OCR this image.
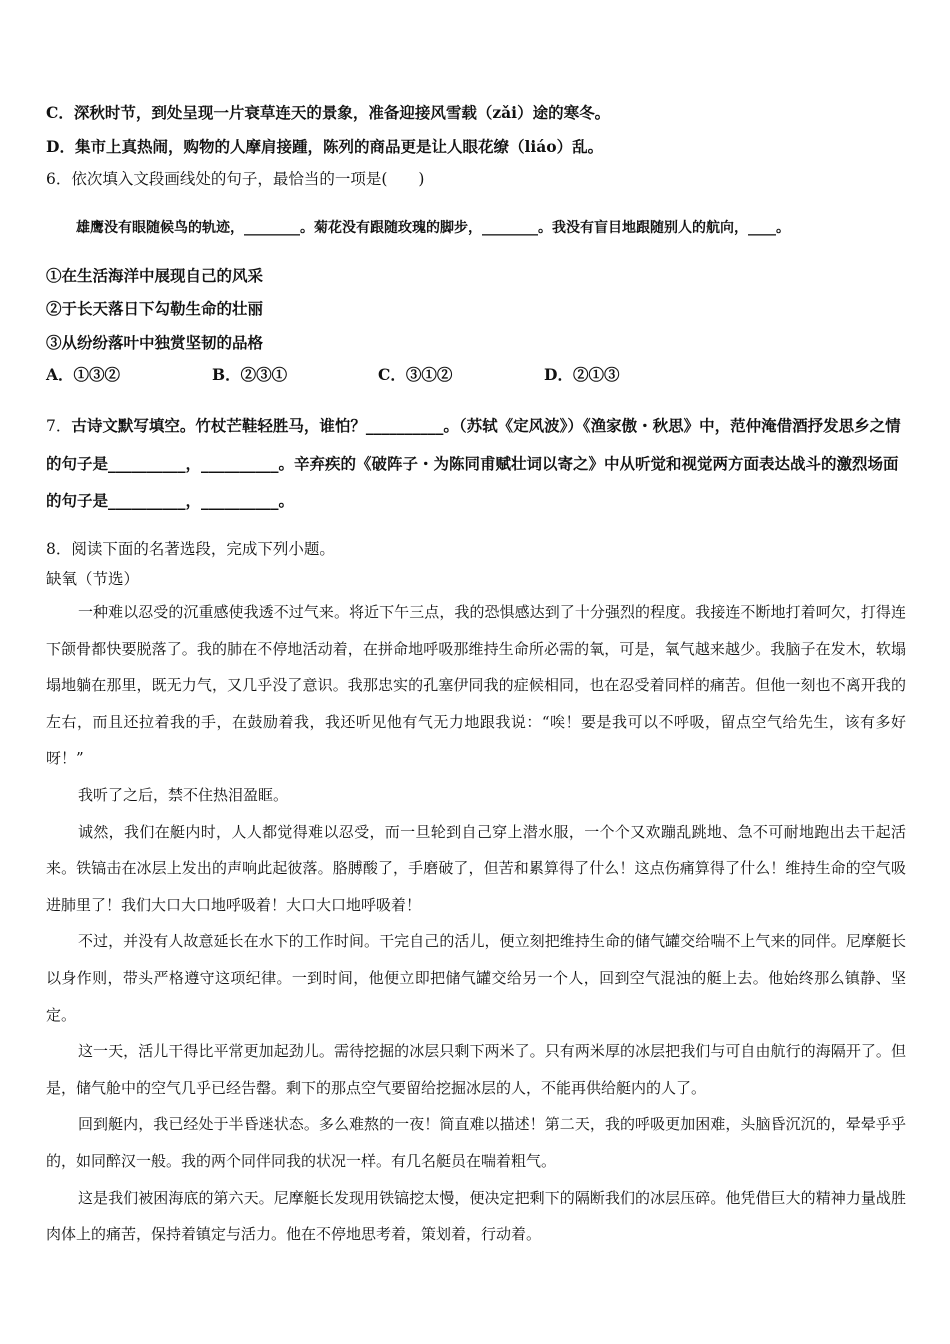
C．深秋时节，到处呈现一片衰草连天的景象，准备迎接风雪载（zǎi）途的寒冬。

D．集市上真热闹，购物的人摩肩接踵，陈列的商品更是让人眼花缭（liáo）乱。

6．依次填入文段画线处的句子，最恰当的一项是(　　)

雄鹰没有眼随候鸟的轨迹，________。菊花没有跟随玫瑰的脚步，________。我没有盲目地跟随别人的航向，____。

①在生活海洋中展现自己的风采

②于长天落日下勾勒生命的壮丽

③从纷纷落叶中独赏坚韧的品格

A．①③②	B．②③①	C．③①②	D．②①③

7．古诗文默写填空。竹杖芒鞋轻胜马，谁怕？__________。（苏轼《定风波》）《渔家傲・秋思》中，范仲淹借酒抒发思乡之情的句子是__________，__________。辛弃疾的《破阵子・为陈同甫赋壮词以寄之》中从听觉和视觉两方面表达战斗的激烈场面的句子是__________，__________。

8．阅读下面的名著选段，完成下列小题。

缺氧（节选）

一种难以忍受的沉重感使我透不过气来。将近下午三点，我的恐惧感达到了十分强烈的程度。我接连不断地打着呵欠，打得连下颌骨都快要脱落了。我的肺在不停地活动着，在拼命地呼吸那维持生命所必需的氧，可是，氧气越来越少。我脑子在发木，软塌塌地躺在那里，既无力气，又几乎没了意识。我那忠实的孔塞伊同我的症候相同，也在忍受着同样的痛苦。但他一刻也不离开我的左右，而且还拉着我的手，在鼓励着我，我还听见他有气无力地跟我说：“唉！要是我可以不呼吸，留点空气给先生，该有多好呀！”

我听了之后，禁不住热泪盈眶。

诚然，我们在艇内时，人人都觉得难以忍受，而一旦轮到自己穿上潜水服，一个个又欢蹦乱跳地、急不可耐地跑出去干起活来。铁镐击在冰层上发出的声响此起彼落。胳膊酸了，手磨破了，但苦和累算得了什么！这点伤痛算得了什么！维持生命的空气吸进肺里了！我们大口大口地呼吸着！大口大口地呼吸着！

不过，并没有人故意延长在水下的工作时间。干完自己的活儿，便立刻把维持生命的储气罐交给喘不上气来的同伴。尼摩艇长以身作则，带头严格遵守这项纪律。一到时间，他便立即把储气罐交给另一个人，回到空气混浊的艇上去。他始终那么镇静、坚定。

这一天，活儿干得比平常更加起劲儿。需待挖掘的冰层只剩下两米了。只有两米厚的冰层把我们与可自由航行的海隔开了。但是，储气舱中的空气几乎已经告罄。剩下的那点空气要留给挖掘冰层的人，不能再供给艇内的人了。

回到艇内，我已经处于半昏迷状态。多么难熬的一夜！简直难以描述！第二天，我的呼吸更加困难，头脑昏沉沉的，晕晕乎乎的，如同醉汉一般。我的两个同伴同我的状况一样。有几名艇员在喘着粗气。

这是我们被困海底的第六天。尼摩艇长发现用铁镐挖太慢，便决定把剩下的隔断我们的冰层压碎。他凭借巨大的精神力量战胜肉体上的痛苦，保持着镇定与活力。他在不停地思考着，策划着，行动着。
